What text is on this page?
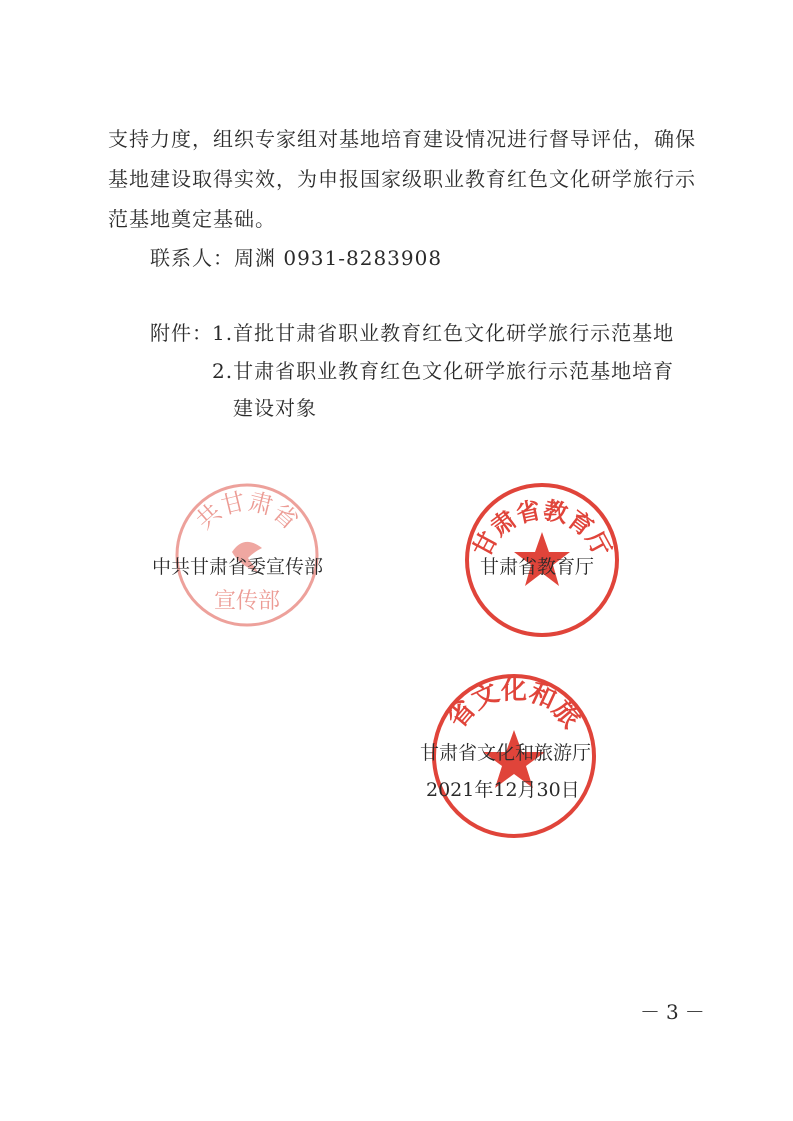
支持力度，组织专家组对基地培育建设情况进行督导评估，确保
基地建设取得实效，为申报国家级职业教育红色文化研学旅行示
范基地奠定基础。
联系人：周渊 0931-8283908
附件： 1.首批甘肃省职业教育红色文化研学旅行示范基地
2.甘肃省职业教育红色文化研学旅行示范基地培育
建设对象
共甘肃省
宣传部
甘肃省教育厅
省文化和旅
中共甘肃省委宣传部	甘肃省教育厅
甘肃省文化和旅游厅
2021年12月30日
－3－
